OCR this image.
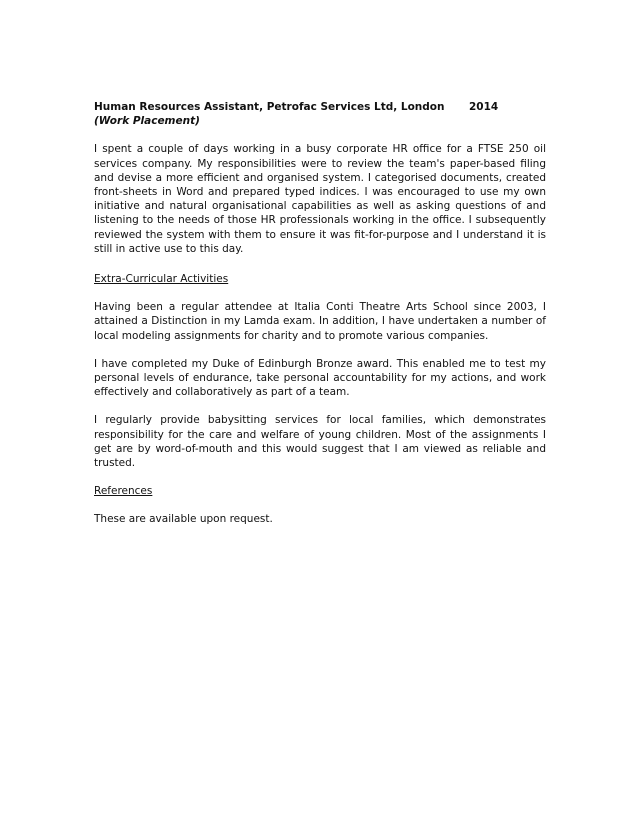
Human Resources Assistant, Petrofac Services Ltd, London	2014
(Work Placement)

I spent a couple of days working in a busy corporate HR office for a FTSE 250 oil services company. My responsibilities were to review the team's paper-based filing and devise a more efficient and organised system. I categorised documents, created front-sheets in Word and prepared typed indices. I was encouraged to use my own initiative and natural organisational capabilities as well as asking questions of and listening to the needs of those HR professionals working in the office. I subsequently reviewed the system with them to ensure it was fit-for-purpose and I understand it is still in active use to this day.

Extra-Curricular Activities

Having been a regular attendee at Italia Conti Theatre Arts School since 2003, I attained a Distinction in my Lamda exam. In addition, I have undertaken a number of local modeling assignments for charity and to promote various companies.

I have completed my Duke of Edinburgh Bronze award. This enabled me to test my personal levels of endurance, take personal accountability for my actions, and work effectively and collaboratively as part of a team.

I regularly provide babysitting services for local families, which demonstrates responsibility for the care and welfare of young children. Most of the assignments I get are by word-of-mouth and this would suggest that I am viewed as reliable and trusted.

References

These are available upon request.
